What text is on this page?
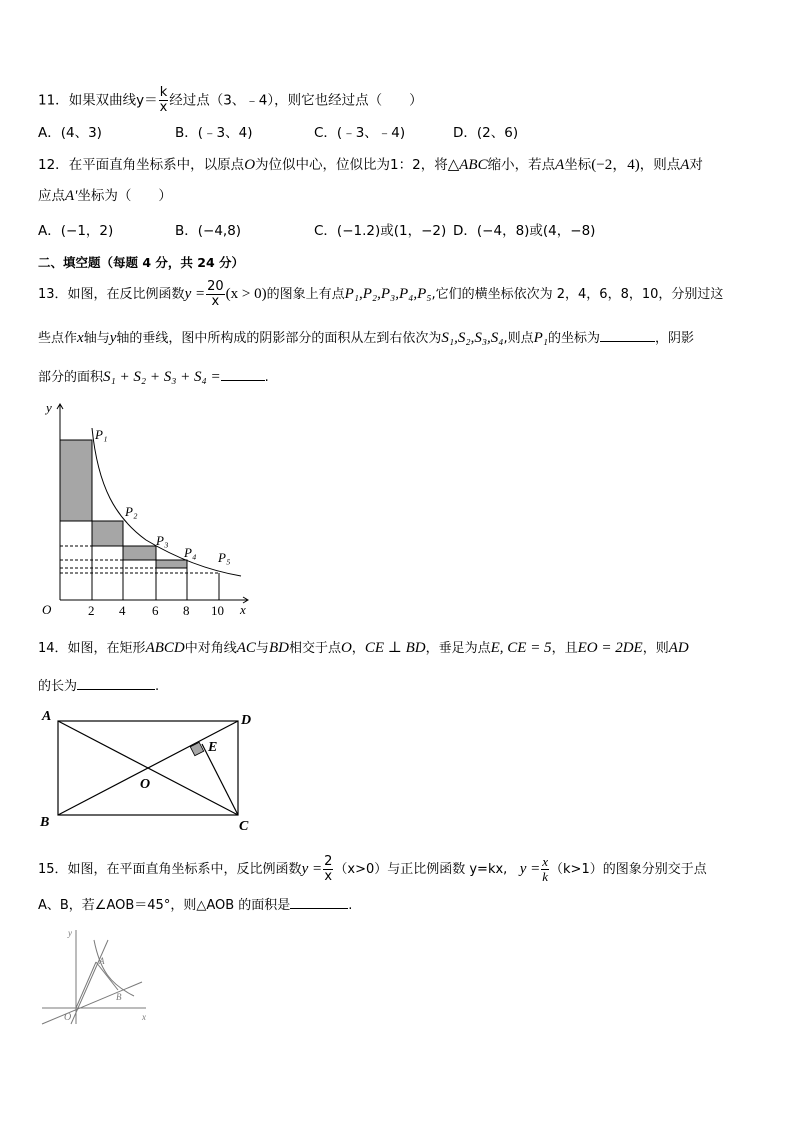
11．如果双曲线$y= \frac{k}{x}$ 经过点（3、﹣4），则它也经过点（　　）
A．(4、3)	B．(﹣3、4)	C．(﹣3、﹣4)	D．(2、6)
12．在平面直角坐标系中，以原点O为位似中心，位似比为1：2，将△ABC缩小，若点A坐标(−2，4)，则点A对
应点A'坐标为（　　）
A．(−1，2)	B．(−4,8)	C．(−1.2)或(1，−2) D．(−4，8)或(4，−8)
二、填空题（每题 4 分，共 24 分）
13．如图，在反比例函数$y = \frac{20}{x} (x > 0)$的图象上有点P₁,P₂,P₃,P₄,P₅,它们的横坐标依次为 2，4，6，8，10，分别过这
些点作x轴与y轴的垂线，图中所构成的阴影部分的面积从左到右依次为S₁,S₂,S₃,S₄,则点P₁的坐标为	，阴影
部分的面积S₁ + S₂ + S₃ + S₄ =	.
y
x
O	2 4 6 8 10
P₁
P₂
P₃
P₄ P₅
14．如图，在矩形ABCD中对角线AC与BD相交于点O，CE ⊥ BD，垂足为点E, CE = 5，且EO = 2DE，则AD
的长为	.
A	D
B	C
O
E
15．如图，在平面直角坐标系中，反比例函数$y = \frac{2}{x} (x>0)$与正比例函数 y=kx, $y = \frac{x}{k} (k>1)$的图象分别交于点
A、B，若∠AOB＝45°，则△AOB 的面积是	.
y
x
O
A
B
